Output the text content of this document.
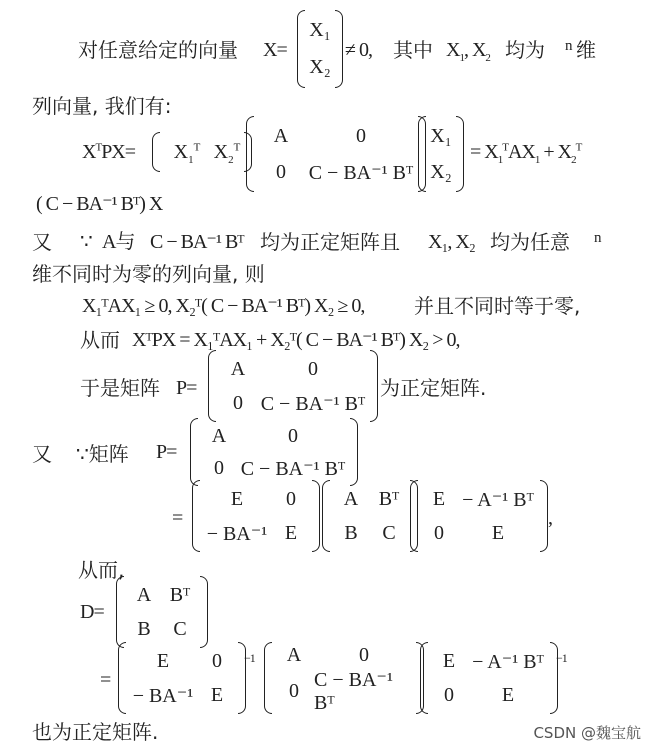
对任意给定的向量 X=
X₁
X₂
≠ 0, 其中 $X_1$, $X_2$ 均为 n 维
列向量, 我们有:
$X^TPX= X_1^T$ $X_2^T$
A	0
0 C − BA⁻¹ Bᵀ
X₁
X₂
= $X_1^TAX_1 + X_2^T$
( C − BA⁻¹ Bᵀ) X
又 ∵ A与 C − BA⁻¹ Bᵀ 均为正定矩阵且 X₁, X₂ 均为任意 n
维不同时为零的列向量, 则
X₁ᵀAX₁ ≥ 0, X₂ᵀ( C − BA⁻¹ Bᵀ) X₂ ≥ 0, 并且不同时等于零,
从而 XᵀPX = X₁ᵀAX₁ + X₂ᵀ( C − BA⁻¹ Bᵀ) X₂ > 0,
于是矩阵 P=
A	0
0 C − BA⁻¹ Bᵀ
为正定矩阵.
又 ∵矩阵 P=
A	0
0 C − BA⁻¹ Bᵀ
=
E 0
− BA⁻¹ E
A Bᵀ
B C
E − A⁻¹ Bᵀ
0 E
,
从而,
D=
A Bᵀ
B C
=
E 0
− BA⁻¹ E
−1 A	0
0 C − BA⁻¹ Bᵀ
E − A⁻¹ Bᵀ
0 E
−1
也为正定矩阵.	CSDN @魏宝航
